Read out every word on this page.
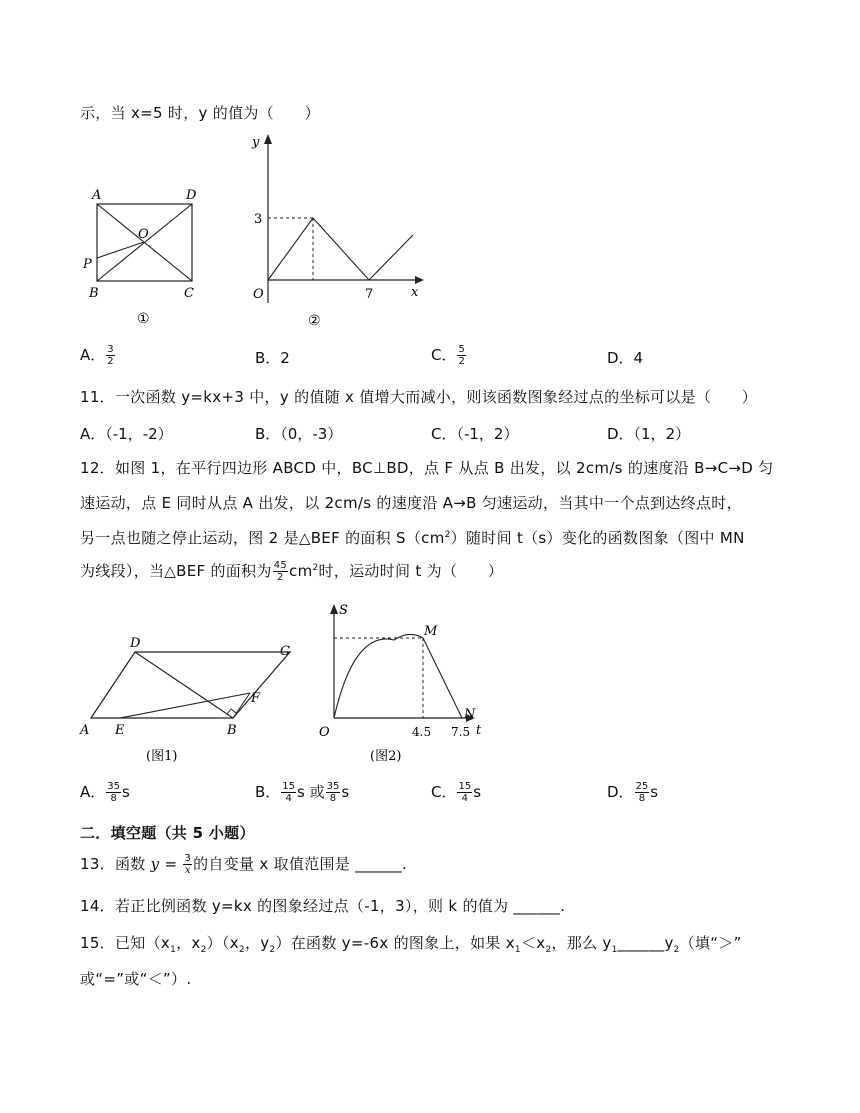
示，当 x=5 时，y 的值为（　　）
A	D
O
P
B	C
①
y
x
O
3
7
②
A． $\frac{3}{2}$	B．2	C． $\frac{5}{2}$	D．4
11．一次函数 y=kx+3 中，y 的值随 x 值增大而减小，则该函数图象经过点的坐标可以是（　　）
A．（-1，-2）	B．（0，-3）	C．（-1，2）	D．（1，2）
12．如图 1，在平行四边形 ABCD 中，BC⊥BD，点 F 从点 B 出发，以 2cm/s 的速度沿 B→C→D 匀
速运动，点 E 同时从点 A 出发，以 2cm/s 的速度沿 A→B 匀速运动，当其中一个点到达终点时，
另一点也随之停止运动，图 2 是△BEF 的面积 $S(cm^2)$随时间 t（s）变化的函数图象（图中 MN
为线段），当△BEF 的面积为 $\frac{45}{2} cm^2$时，运动时间 t 为（　　）
D
C
F
A E	B
(图1)
S
M
N
O	4.5 7.5 t
(图2)
A． $\frac{35}{8}$ s	B． $\frac{15}{4}$ s 或 $\frac{35}{8}$ s	C． $\frac{15}{4}$ s	D． $\frac{25}{8}$ s
二．填空题（共 5 小题）
13．函数 $y = \frac{3}{x}$ 的自变量 x 取值范围是 ______.
14．若正比例函数 y=kx 的图象经过点（-1，3），则 k 的值为 ______.
15．已知（$x_1$，$x_2)(x_2$，$y_2$）在函数 y=-6x 的图象上，如果 $x_1<x_2$，那么 $y_1\_\_\_\_\_\_y_2$（填“＞”
或“=”或“＜”）.
